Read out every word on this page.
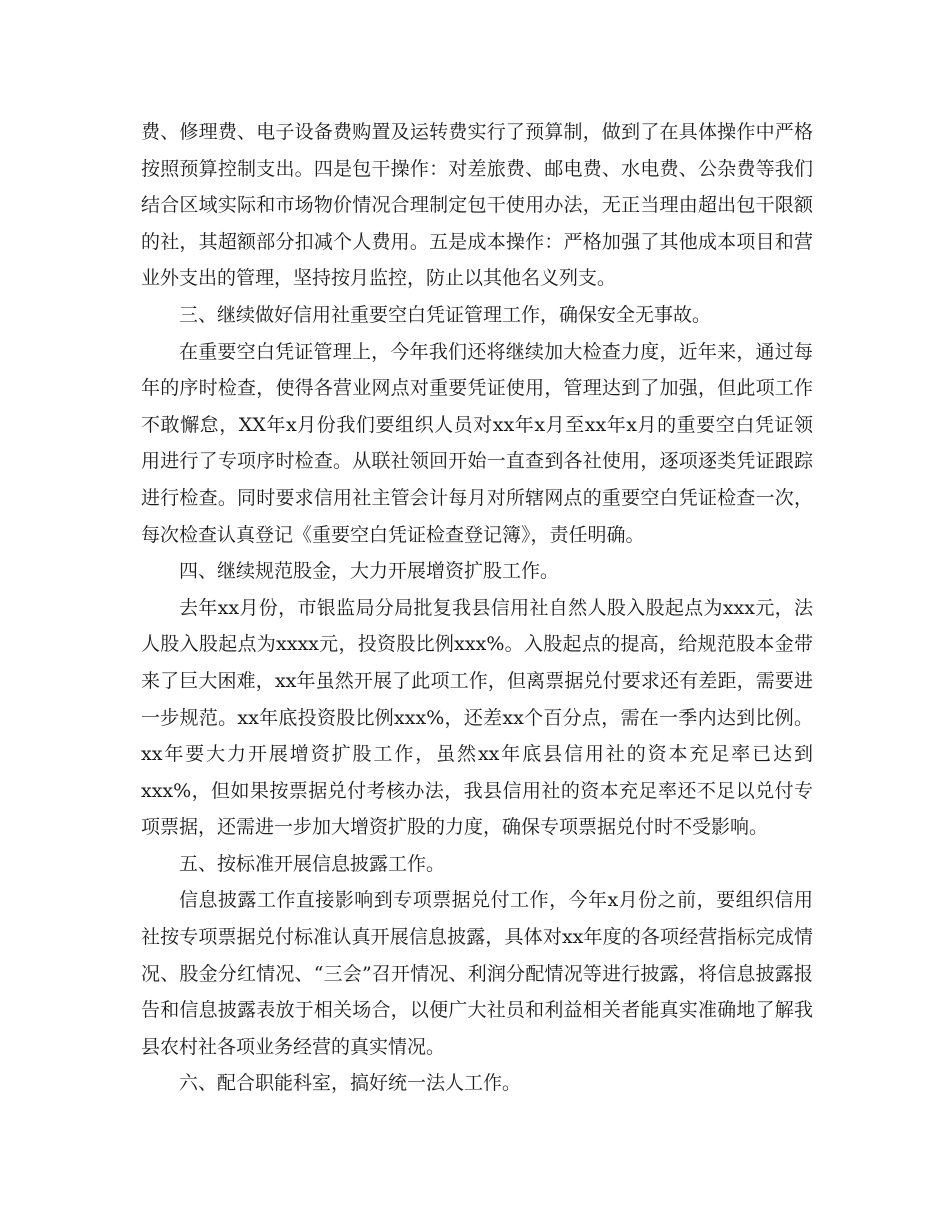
费、修理费、电子设备费购置及运转费实行了预算制，做到了在具体操作中严格按照预算控制支出。四是包干操作：对差旅费、邮电费、水电费、公杂费等我们结合区域实际和市场物价情况合理制定包干使用办法，无正当理由超出包干限额的社，其超额部分扣减个人费用。五是成本操作：严格加强了其他成本项目和营业外支出的管理，坚持按月监控，防止以其他名义列支。

三、继续做好信用社重要空白凭证管理工作，确保安全无事故。

在重要空白凭证管理上，今年我们还将继续加大检查力度，近年来，通过每年的序时检查，使得各营业网点对重要凭证使用，管理达到了加强，但此项工作不敢懈怠，XX年x月份我们要组织人员对xx年x月至xx年x月的重要空白凭证领用进行了专项序时检查。从联社领回开始一直查到各社使用，逐项逐类凭证跟踪进行检查。同时要求信用社主管会计每月对所辖网点的重要空白凭证检查一次，每次检查认真登记《重要空白凭证检查登记簿》，责任明确。

四、继续规范股金，大力开展增资扩股工作。

去年xx月份，市银监局分局批复我县信用社自然人股入股起点为xxx元，法人股入股起点为xxxx元，投资股比例xxx%。入股起点的提高，给规范股本金带来了巨大困难，xx年虽然开展了此项工作，但离票据兑付要求还有差距，需要进一步规范。xx年底投资股比例xxx%，还差xx个百分点，需在一季内达到比例。xx年要大力开展增资扩股工作，虽然xx年底县信用社的资本充足率已达到xxx%，但如果按票据兑付考核办法，我县信用社的资本充足率还不足以兑付专项票据，还需进一步加大增资扩股的力度，确保专项票据兑付时不受影响。

五、按标准开展信息披露工作。

信息披露工作直接影响到专项票据兑付工作，今年x月份之前，要组织信用社按专项票据兑付标准认真开展信息披露，具体对xx年度的各项经营指标完成情况、股金分红情况、“三会”召开情况、利润分配情况等进行披露，将信息披露报告和信息披露表放于相关场合，以便广大社员和利益相关者能真实准确地了解我县农村社各项业务经营的真实情况。

六、配合职能科室，搞好统一法人工作。
